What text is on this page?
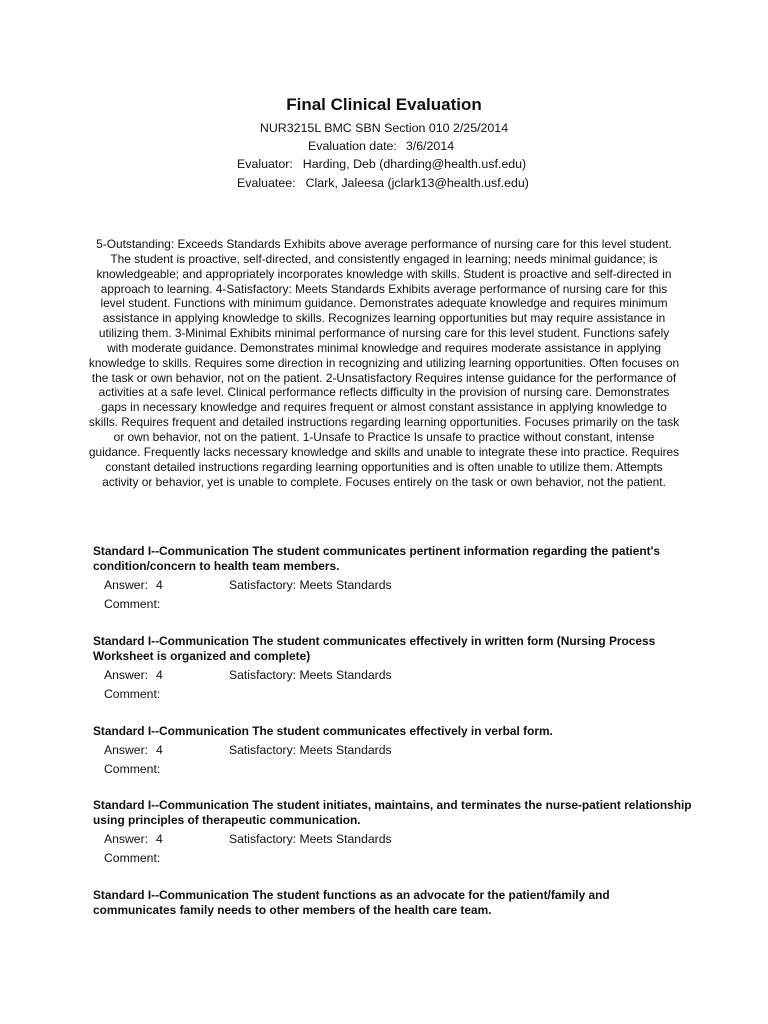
Final Clinical Evaluation
NUR3215L BMC SBN Section 010 2/25/2014
Evaluation date: 3/6/2014
Evaluator: Harding, Deb (dharding@health.usf.edu)
Evaluatee: Clark, Jaleesa (jclark13@health.usf.edu)
5-Outstanding: Exceeds Standards Exhibits above average performance of nursing care for this level student. The student is proactive, self-directed, and consistently engaged in learning; needs minimal guidance; is knowledgeable; and appropriately incorporates knowledge with skills. Student is proactive and self-directed in approach to learning. 4-Satisfactory: Meets Standards Exhibits average performance of nursing care for this level student. Functions with minimum guidance. Demonstrates adequate knowledge and requires minimum assistance in applying knowledge to skills. Recognizes learning opportunities but may require assistance in utilizing them. 3-Minimal Exhibits minimal performance of nursing care for this level student. Functions safely with moderate guidance. Demonstrates minimal knowledge and requires moderate assistance in applying knowledge to skills. Requires some direction in recognizing and utilizing learning opportunities. Often focuses on the task or own behavior, not on the patient. 2-Unsatisfactory Requires intense guidance for the performance of activities at a safe level. Clinical performance reflects difficulty in the provision of nursing care. Demonstrates gaps in necessary knowledge and requires frequent or almost constant assistance in applying knowledge to skills. Requires frequent and detailed instructions regarding learning opportunities. Focuses primarily on the task or own behavior, not on the patient. 1-Unsafe to Practice Is unsafe to practice without constant, intense guidance. Frequently lacks necessary knowledge and skills and unable to integrate these into practice. Requires constant detailed instructions regarding learning opportunities and is often unable to utilize them. Attempts activity or behavior, yet is unable to complete. Focuses entirely on the task or own behavior, not the patient.
Standard I--Communication The student communicates pertinent information regarding the patient's condition/concern to health team members.
Answer: 4	Satisfactory: Meets Standards
Comment:
Standard I--Communication The student communicates effectively in written form (Nursing Process Worksheet is organized and complete)
Answer: 4	Satisfactory: Meets Standards
Comment:
Standard I--Communication The student communicates effectively in verbal form.
Answer: 4	Satisfactory: Meets Standards
Comment:
Standard I--Communication The student initiates, maintains, and terminates the nurse-patient relationship using principles of therapeutic communication.
Answer: 4	Satisfactory: Meets Standards
Comment:
Standard I--Communication The student functions as an advocate for the patient/family and communicates family needs to other members of the health care team.
